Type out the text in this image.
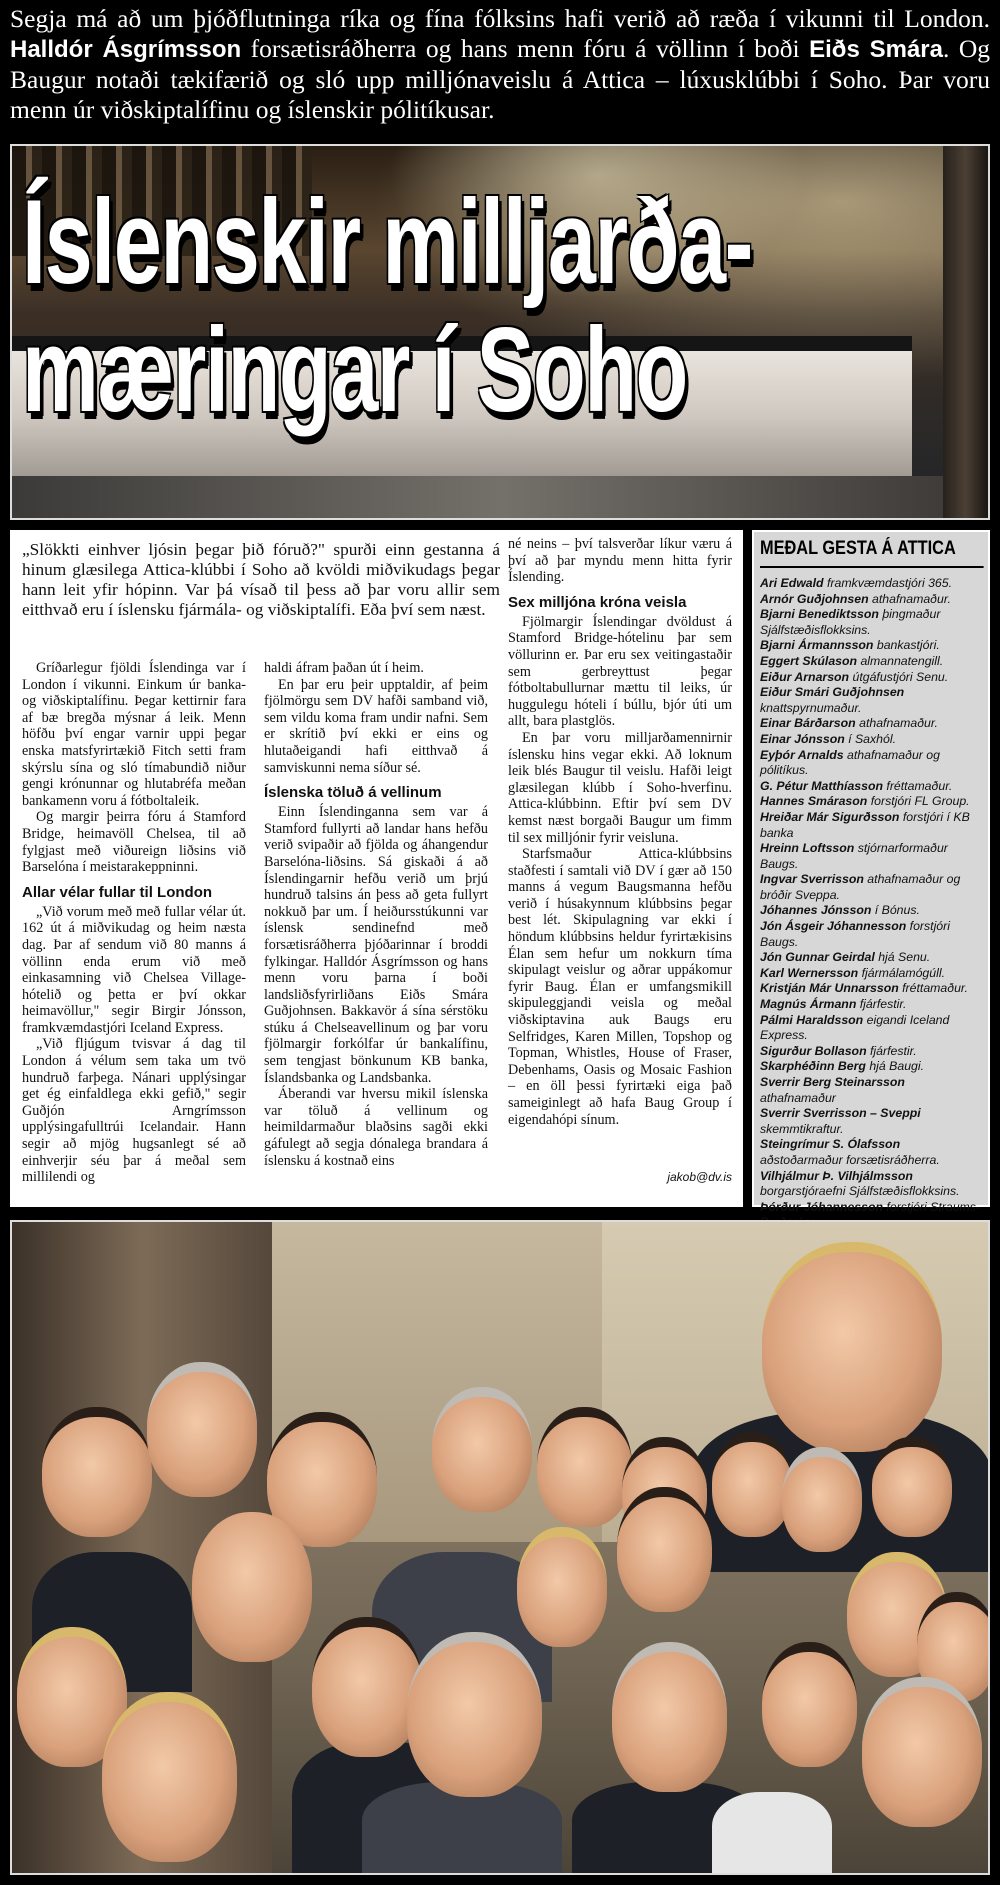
Segja má að um þjóðflutninga ríka og fína fólksins hafi verið að ræða í vikunni til London. Halldór Ásgrímsson forsætisráðherra og hans menn fóru á völlinn í boði Eiðs Smára. Og Baugur notaði tækifærið og sló upp milljónaveislu á Attica – lúxusklúbbi í Soho. Þar voru menn úr viðskiptalífinu og íslenskir pólitíkusar.
Íslenskir milljarða-
mæringar í Soho
„Slökkti einhver ljósin þegar þið fóruð?" spurði einn gestanna á hinum glæsilega Attica-klúbbi í Soho að kvöldi miðvikudags þegar hann leit yfir hópinn. Var þá vísað til þess að þar voru allir sem eitthvað eru í íslensku fjármála- og viðskiptalífi. Eða því sem næst.

Gríðarlegur fjöldi Íslendinga var í London í vikunni. Einkum úr banka- og viðskiptalífinu. Þegar kettirnir fara af bæ bregða mýsnar á leik. Menn höfðu því engar varnir uppi þegar enska matsfyrirtækið Fitch setti fram skýrslu sína og sló tímabundið niður gengi krónunnar og hlutabréfa meðan bankamenn voru á fótboltaleik.

Og margir þeirra fóru á Stamford Bridge, heimavöll Chelsea, til að fylgjast með viðureign liðsins við Barselóna í meistarakeppninni.

Allar vélar fullar til London

„Við vorum með með fullar vélar út. 162 út á miðvikudag og heim næsta dag. Þar af sendum við 80 manns á völlinn enda erum við með einkasamning við Chelsea Village-hótelið og þetta er því okkar heimavöllur," segir Birgir Jónsson, framkvæmdastjóri Iceland Express.

„Við fljúgum tvisvar á dag til London á vélum sem taka um tvö hundruð farþega. Nánari upplýsingar get ég einfaldlega ekki gefið," segir Guðjón Arngrímsson upplýsingafulltrúi Icelandair. Hann segir að mjög hugsanlegt sé að einhverjir séu þar á meðal sem millilendi og

haldi áfram þaðan út í heim.

En þar eru þeir upptaldir, af þeim fjölmörgu sem DV hafði samband við, sem vildu koma fram undir nafni. Sem er skrítið því ekki er eins og hlutaðeigandi hafi eitthvað á samviskunni nema síður sé.

Íslenska töluð á vellinum

Einn Íslendinganna sem var á Stamford fullyrti að landar hans hefðu verið svipaðir að fjölda og áhangendur Barselóna-liðsins. Sá giskaði á að Íslendingarnir hefðu verið um þrjú hundruð talsins án þess að geta fullyrt nokkuð þar um. Í heiðursstúkunni var íslensk sendinefnd með forsætisráðherra þjóðarinnar í broddi fylkingar. Halldór Ásgrímsson og hans menn voru þarna í boði landsliðsfyrirliðans Eiðs Smára Guðjohnsen. Bakkavör á sína sérstöku stúku á Chelseavellinum og þar voru fjölmargir forkólfar úr bankalífinu, sem tengjast bönkunum KB banka, Íslandsbanka og Landsbanka.

Áberandi var hversu mikil íslenska var töluð á vellinum og heimildarmaður blaðsins sagði ekki gáfulegt að segja dónalega brandara á íslensku á kostnað eins

né neins – því talsverðar líkur væru á því að þar myndu menn hitta fyrir Íslending.

Sex milljóna króna veisla

Fjölmargir Íslendingar dvöldust á Stamford Bridge-hótelinu þar sem völlurinn er. Þar eru sex veitingastaðir sem gerbreyttust þegar fótboltabullurnar mættu til leiks, úr huggulegu hóteli í búllu, bjór úti um allt, bara plastglös.

En þar voru milljarðamennirnir íslensku hins vegar ekki. Að loknum leik blés Baugur til veislu. Hafði leigt glæsilegan klúbb í Soho-hverfinu. Attica-klúbbinn. Eftir því sem DV kemst næst borgaði Baugur um fimm til sex milljónir fyrir veisluna.

Starfsmaður Attica-klúbbsins staðfesti í samtali við DV í gær að 150 manns á vegum Baugsmanna hefðu verið í húsakynnum klúbbsins þegar best lét. Skipulagning var ekki í höndum klúbbsins heldur fyrirtækisins Élan sem hefur um nokkurn tíma skipulagt veislur og aðrar uppákomur fyrir Baug. Élan er umfangsmikill skipuleggjandi veisla og meðal viðskiptavina auk Baugs eru Selfridges, Karen Millen, Topshop og Topman, Whistles, House of Fraser, Debenhams, Oasis og Mosaic Fashion – en öll þessi fyrirtæki eiga það sameiginlegt að hafa Baug Group í eigendahópi sínum.

jakob@dv.is
MEÐAL GESTA Á ATTICA
Ari Edwald framkvæmdastjóri 365.
Arnór Guðjohnsen athafnamaður.
Bjarni Benediktsson þingmaður Sjálfstæðisflokksins.
Bjarni Ármannsson bankastjóri.
Eggert Skúlason almannatengill.
Eiður Arnarson útgáfustjóri Senu.
Eiður Smári Guðjohnsen knattspyrnumaður.
Einar Bárðarson athafnamaður.
Einar Jónsson í Saxhól.
Eyþór Arnalds athafnamaður og pólitíkus.
G. Pétur Matthíasson fréttamaður.
Hannes Smárason forstjóri FL Group.
Hreiðar Már Sigurðsson forstjóri í KB banka
Hreinn Loftsson stjórnarformaður Baugs.
Ingvar Sverrisson athafnamaður og bróðir Sveppa.
Jóhannes Jónsson í Bónus.
Jón Ásgeir Jóhannesson forstjóri Baugs.
Jón Gunnar Geirdal hjá Senu.
Karl Wernersson fjármálamógúll.
Kristján Már Unnarsson fréttamaður.
Magnús Ármann fjárfestir.
Pálmi Haraldsson eigandi Iceland Express.
Sigurður Bollason fjárfestir.
Skarphéðinn Berg hjá Baugi.
Sverrir Berg Steinarsson athafnamaður
Sverrir Sverrisson – Sveppi skemmtikraftur.
Steingrímur S. Ólafsson aðstoðarmaður forsætisráðherra.
Vilhjálmur Þ. Vilhjálmsson borgarstjóraefni Sjálfstæðisflokksins.
Þórður Jóhannesson forstjóri Straums-
